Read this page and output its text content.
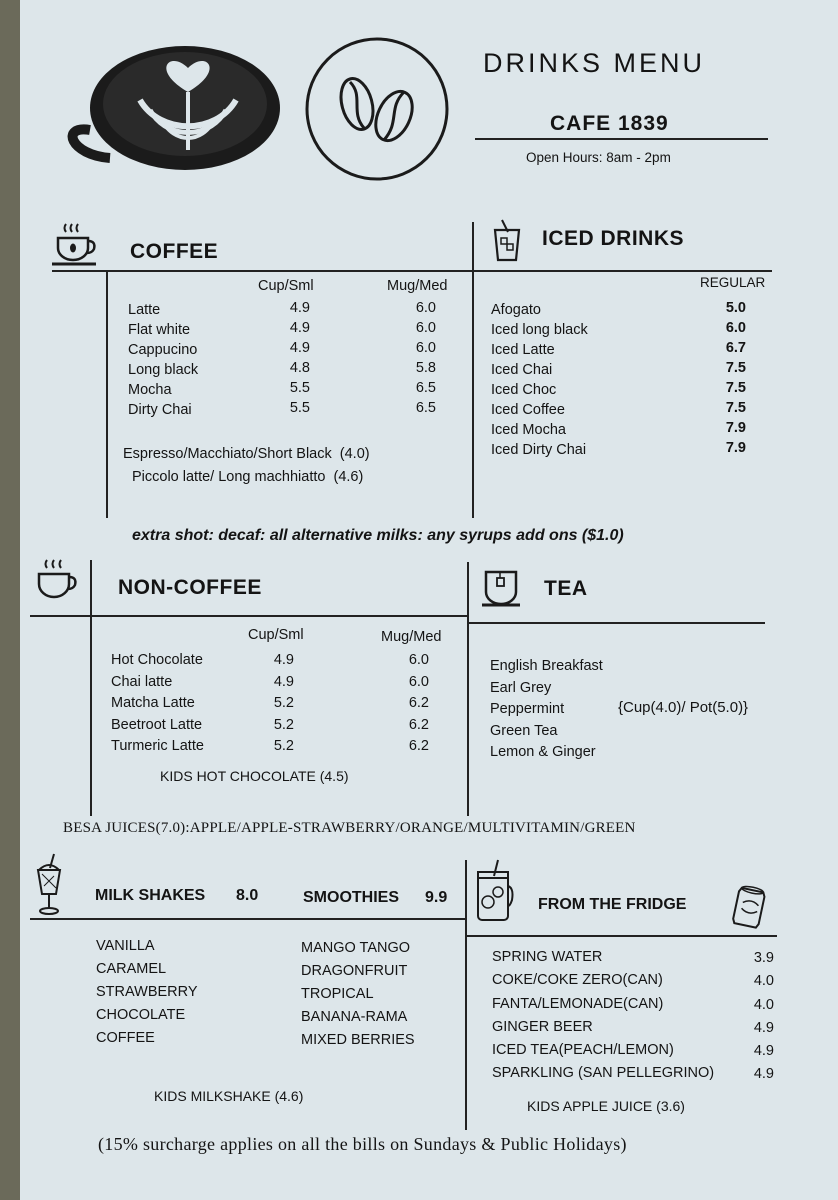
DRINKS MENU
CAFE 1839
Open Hours: 8am - 2pm
COFFEE
Cup/Sml	Mug/Med
Latte	4.9	6.0
Flat white	4.9	6.0
Cappucino	4.9	6.0
Long black	4.8	5.8
Mocha	5.5	6.5
Dirty Chai	5.5	6.5
Espresso/Macchiato/Short Black  (4.0)
Piccolo latte/ Long machhiatto  (4.6)
ICED DRINKS
REGULAR
Afogato	5.0
Iced long black	6.0
Iced Latte	6.7
Iced Chai	7.5
Iced Choc	7.5
Iced Coffee	7.5
Iced Mocha	7.9
Iced Dirty Chai	7.9
extra shot: decaf: all alternative milks: any syrups add ons ($1.0)
NON-COFFEE
Cup/Sml	Mug/Med
Hot Chocolate	4.9	6.0
Chai latte	4.9	6.0
Matcha Latte	5.2	6.2
Beetroot Latte	5.2	6.2
Turmeric Latte	5.2	6.2
KIDS HOT CHOCOLATE (4.5)
TEA
English Breakfast
Earl Grey
Peppermint
Green Tea
Lemon & Ginger
{Cup(4.0)/ Pot(5.0)}
BESA JUICES(7.0):APPLE/APPLE-STRAWBERRY/ORANGE/MULTIVITAMIN/GREEN
MILK SHAKES 8.0	SMOOTHIES 9.9
VANILLA
CARAMEL
STRAWBERRY
CHOCOLATE
COFFEE
MANGO TANGO
DRAGONFRUIT
TROPICAL
BANANA-RAMA
MIXED BERRIES
KIDS MILKSHAKE (4.6)
FROM THE FRIDGE
SPRING WATER	3.9
COKE/COKE ZERO(CAN)	4.0
FANTA/LEMONADE(CAN)	4.0
GINGER BEER	4.9
ICED TEA(PEACH/LEMON)	4.9
SPARKLING (SAN PELLEGRINO)	4.9
KIDS APPLE JUICE (3.6)
(15% surcharge applies on all the bills on Sundays & Public Holidays)
